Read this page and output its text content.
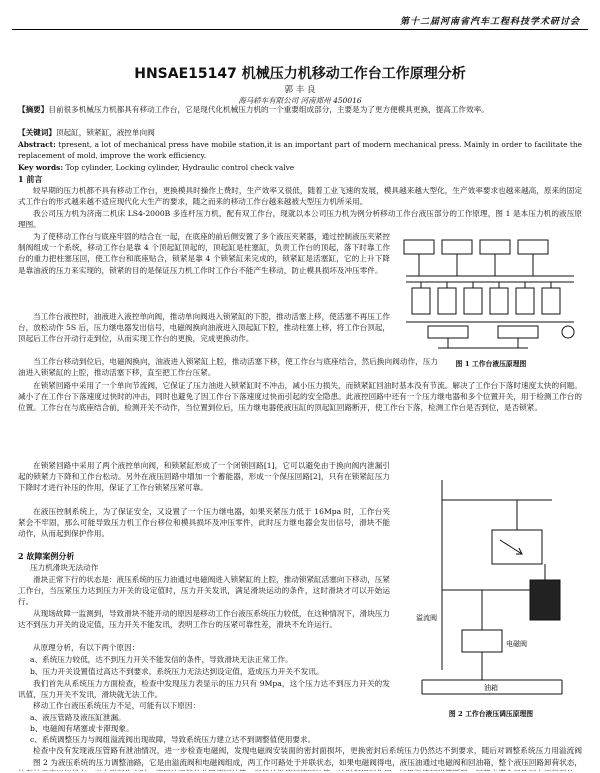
第十二届河南省汽车工程科技学术研讨会
HNSAE15147 机械压力机移动工作台工作原理分析
郭 丰 良
海马轿车有限公司 河南郑州 450016

【摘要】目前很多机械压力机都具有移动工作台，它是现代化机械压力机的一个重要组成部分，主要是为了更方便模具更换，提高工作效率。

【关键词】顶起缸，锁紧缸，液控单向阀

Abstract: tpresent, a lot of mechanical press have mobile station,it is an important part of modern mechanical press. Mainly in order to facilitate the replacement of mold, improve the work efficiency.

Key words: Top cylinder, Locking cylinder, Hydraulic control check valve

1 前言

较早期的压力机都不具有移动工作台，更换模具时操作上费时，生产效率又很低，随着工业飞速的发展，模具越来越大型化，生产效率要求也越来越高，原来的固定式工作台的形式越来越不适应现代化大生产的要求，随之而来的移动工作台越来越被大型压力机所采用。

我公司压力机为济南二机床 LS4-2000B 多连杆压力机，配有双工作台，现就以本公司压力机为例分析移动工作台液压部分的工作原理，图 1 是本压力机的液压原理图。

为了使移动工作台与底座牢固的结合在一起，在底座的前后侧安置了多个液压夹紧器，通过控制液压夹紧控制阀组成一个系统，移动工作台是靠 4 个顶起缸顶起的，顶起缸是柱塞缸，负责工作台的顶起，落下时靠工作台的重力把柱塞压回，使工作台和底座贴合，锁紧是靠 4 个锁紧缸来完成的，锁紧缸是活塞缸，它的上升下降是靠油液的压力来实现的，锁紧的目的是保证压力机工作时工作台不能产生移动，防止模具损坏及冲压零件。

当工作台液控时，油液进入液控单向阀，推动单向阀进入锁紧缸的下腔，推动活塞上移，使活塞不再压工作台，放松动作 5S 后，压力继电器发出信号，电磁阀换向油液进入顶起缸下腔，推动柱塞上移，将工作台顶起，顶起后工作台开动行走到位，从而实现工作台的更换，完成更换动作。

当工作台移动到位后，电磁阀换向，油液进入锁紧缸上腔，推动活塞下移，使工作台与底座结合，然后换向阀动作，压力油进入锁紧缸的上腔，推动活塞下移，直至把工作台压紧。

图 1 工作台液压原理图

在锁紧回路中采用了一个单向节流阀，它保证了压力油进入锁紧缸时不冲击，减小压力损失，而锁紧缸回油时基本没有节流。解决了工作台下落时速度太快的问题。减小了在工作台下落速度过快时的冲击，同时也避免了因工作台下落速度过快而引起的安全隐患。此液控回路中还有一个压力继电器和多个位置开关，用于检测工作台的位置。工作台在与底座结合前，检测开关不动作，当位置到位后，压力继电器使液压缸的顶起缸回路断开，使工作台下落，检测工作台是否到位，是否锁紧。

在锁紧回路中采用了两个液控单向阀，和锁紧缸形成了一个闭锁回路[1]，它可以避免由于换向阀内泄漏引起的锁紧力下降和工作台松动。另外在液压回路中增加一个蓄能器，形成一个保压回路[2]，只有在锁紧缸压力下降时才进行补压的作用，保证了工作台锁紧压紧可靠。

在液压控制系统上，为了保证安全，又设置了一个压力继电器，如果夹紧压力低于 16Mpa 时，工作台夹紧会不牢固，那么可能导致压力机工作台移位和模具损坏及冲压零件，此时压力继电器会发出信号，滑块不能动作，从而起到保护作用。

2 故障案例分析
压力机滑块无法动作

滑块正常下行的状态是：液压系统的压力油通过电磁阀进入锁紧缸的上腔，推动锁紧缸活塞向下移动，压紧工作台，当压紧压力达到压力开关的设定值时，压力开关发讯，满足滑块运动的条件，这时滑块才可以开始运行。

从现场故障一监测到，导致滑块不能开动的原因是移动工作台液压系统压力较低，在这种情况下，滑块压力达不到压力开关的设定值，压力开关不能发讯，表明工作台的压紧可靠性差，滑块不允许运行。

从原理分析，有以下两个原因：

a、系统压力较低，达不到压力开关不能发信的条件，导致滑块无法正常工作。
b、压力开关设置值过高达不到要求，系统压力无法达到设定值，造成压力开关不发讯。

我们首先从系统压力方面检查，检查中发现压力表显示的压力只有 9Mpa，这个压力达不到压力开关的发讯值，压力开关不发讯，滑块就无法工作。

移动工作台液压系统压力不足，可能有以下原因：

a、液压管路及液压缸泄漏。
b、电磁阀有堵塞或卡滞现象。
c、系统调整压力与阀组溢流阀出现故障，导致系统压力建立达不到调整值使用要求。

检查中没有发现液压管路有泄油情况，进一步检查电磁阀，发现电磁阀安装面的密封面损坏，更换密封后系统压力仍然达不到要求，随后对调整系统压力用溢流阀

图 2 为液压系统的压力调整油路，它是由溢流阀和电磁阀组成，两工作可路处于并联状态，如果电磁阀得电，液压油通过电磁阀和回油箱，整个液压回路卸荷状态，

溢流阀
电磁阀
油箱
图 2 工作台液压调压原理图
